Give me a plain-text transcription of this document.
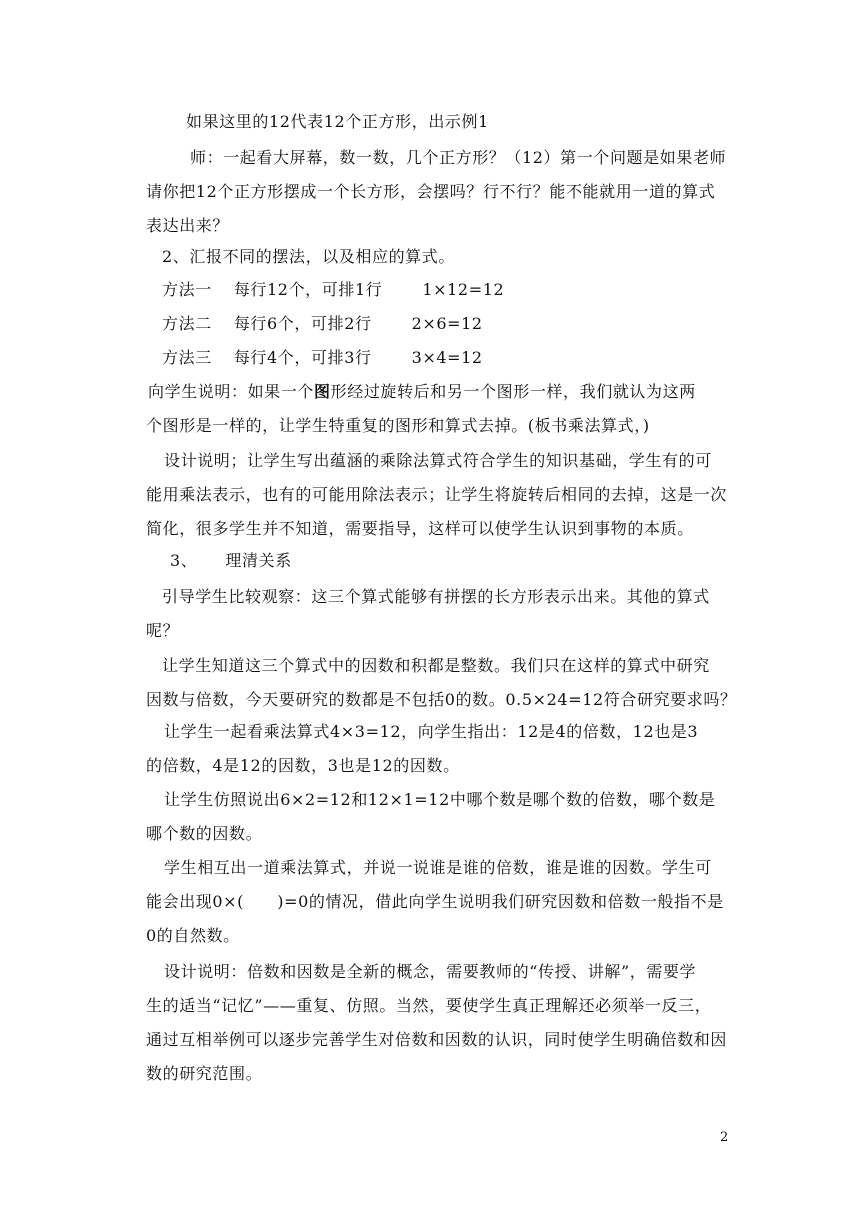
如果这里的12代表12个正方形，出示例1
师：一起看大屏幕，数一数，几个正方形？（12）第一个问题是如果老师
请你把12个正方形摆成一个长方形，会摆吗？行不行？能不能就用一道的算式
表达出来？
2、汇报不同的摆法，以及相应的算式。
方法一 每行12个，可排1行	1×12=12
方法二 每行6个，可排2行	2×6=12
方法三 每行4个，可排3行	3×4=12
向学生说明：如果一个图形经过旋转后和另一个图形一样，我们就认为这两
个图形是一样的，让学生特重复的图形和算式去掉。(板书乘法算式，)
设计说明；让学生写出蕴涵的乘除法算式符合学生的知识基础，学生有的可
能用乘法表示，也有的可能用除法表示；让学生将旋转后相同的去掉，这是一次
简化，很多学生并不知道，需要指导，这样可以使学生认识到事物的本质。
3、 理清关系
引导学生比较观察：这三个算式能够有拼摆的长方形表示出来。其他的算式
呢？
让学生知道这三个算式中的因数和积都是整数。我们只在这样的算式中研究
因数与倍数，今天要研究的数都是不包括0的数。0.5×24=12符合研究要求吗？
让学生一起看乘法算式4×3=12，向学生指出：12是4的倍数，12也是3
的倍数，4是12的因数，3也是12的因数。
让学生仿照说出6×2=12和12×1=12中哪个数是哪个数的倍数，哪个数是
哪个数的因数。
学生相互出一道乘法算式，并说一说谁是谁的倍数，谁是谁的因数。学生可
能会出现0×(　　)=0的情况，借此向学生说明我们研究因数和倍数一般指不是
0的自然数。
设计说明：倍数和因数是全新的概念，需要教师的“传授、讲解”，需要学
生的适当“记忆”——重复、仿照。当然，要使学生真正理解还必须举一反三，
通过互相举例可以逐步完善学生对倍数和因数的认识，同时使学生明确倍数和因
数的研究范围。
2
